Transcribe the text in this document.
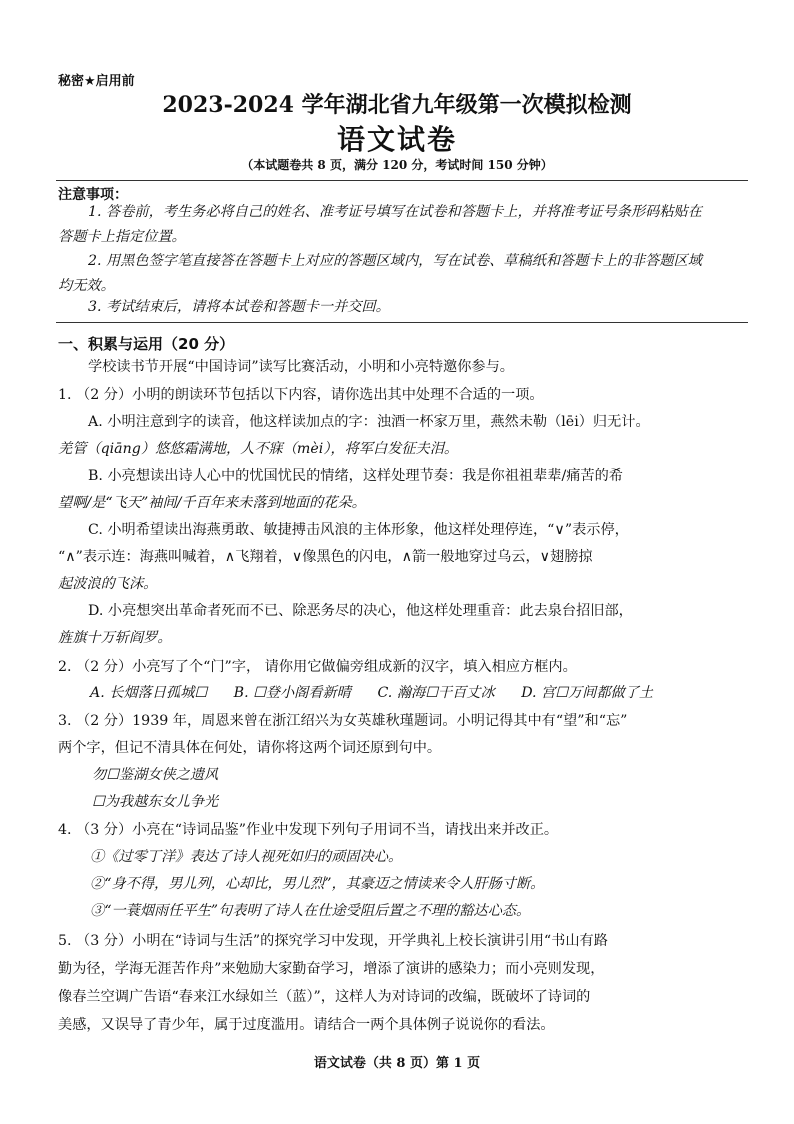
秘密★启用前
2023-2024 学年湖北省九年级第一次模拟检测
语文试卷
（本试题卷共 8 页，满分 120 分，考试时间 150 分钟）
注意事项：
1. 答卷前，考生务必将自己的姓名、准考证号填写在试卷和答题卡上，并将准考证号条形码粘贴在
答题卡上指定位置。
2. 用黑色签字笔直接答在答题卡上对应的答题区域内，写在试卷、草稿纸和答题卡上的非答题区域
均无效。
3. 考试结束后，请将本试卷和答题卡一并交回。
一、积累与运用（20 分）
学校读书节开展“中国诗词”读写比赛活动，小明和小亮特邀你参与。
1. （2 分）小明的朗读环节包括以下内容，请你选出其中处理不合适的一项。
A. 小明注意到字的读音，他这样读加点的字：浊酒一杯家万里，燕然未勒（lēi）归无计。
羌管（qiāng）悠悠霜满地，人不寐（mèi），将军白发征夫泪。
B. 小亮想读出诗人心中的忧国忧民的情绪，这样处理节奏：我是你祖祖辈辈/痛苦的希
望啊/是“飞天”袖间/千百年来未落到地面的花朵。
C. 小明希望读出海燕勇敢、敏捷搏击风浪的主体形象，他这样处理停连，“∨”表示停，
“∧”表示连：海燕叫喊着，∧飞翔着，∨像黑色的闪电，∧箭一般地穿过乌云，∨翅膀掠
起波浪的飞沫。
D. 小亮想突出革命者死而不已、除恶务尽的决心，他这样处理重音：此去泉台招旧部，
旌旗十万斩阎罗。
2. （2 分）小亮写了个“门”字， 请你用它做偏旁组成新的汉字，填入相应方框内。
A. 长烟落日孤城☐ B. ☐登小阁看新晴 C. 瀚海☐干百丈冰 D. 宫☐万间都做了土
3. （2 分）1939 年，周恩来曾在浙江绍兴为女英雄秋瑾题词。小明记得其中有“望”和“忘”
两个字，但记不清具体在何处，请你将这两个词还原到句中。
勿☐鉴湖女侠之遗风
☐为我越东女儿争光
4. （3 分）小亮在“诗词品鉴”作业中发现下列句子用词不当，请找出来并改正。
①《过零丁洋》表达了诗人视死如归的顽固决心。
②“身不得，男儿列，心却比，男儿烈”，其豪迈之情读来令人肝肠寸断。
③“一蓑烟雨任平生”句表明了诗人在仕途受阻后置之不理的豁达心态。
5. （3 分）小明在“诗词与生活”的探究学习中发现，开学典礼上校长演讲引用“书山有路
勤为径，学海无涯苦作舟”来勉励大家勤奋学习，增添了演讲的感染力；而小亮则发现，
像春兰空调广告语“春来江水绿如兰（蓝）”，这样人为对诗词的改编，既破坏了诗词的
美感，又误导了青少年，属于过度滥用。请结合一两个具体例子说说你的看法。
语文试卷（共 8 页）第 1 页
